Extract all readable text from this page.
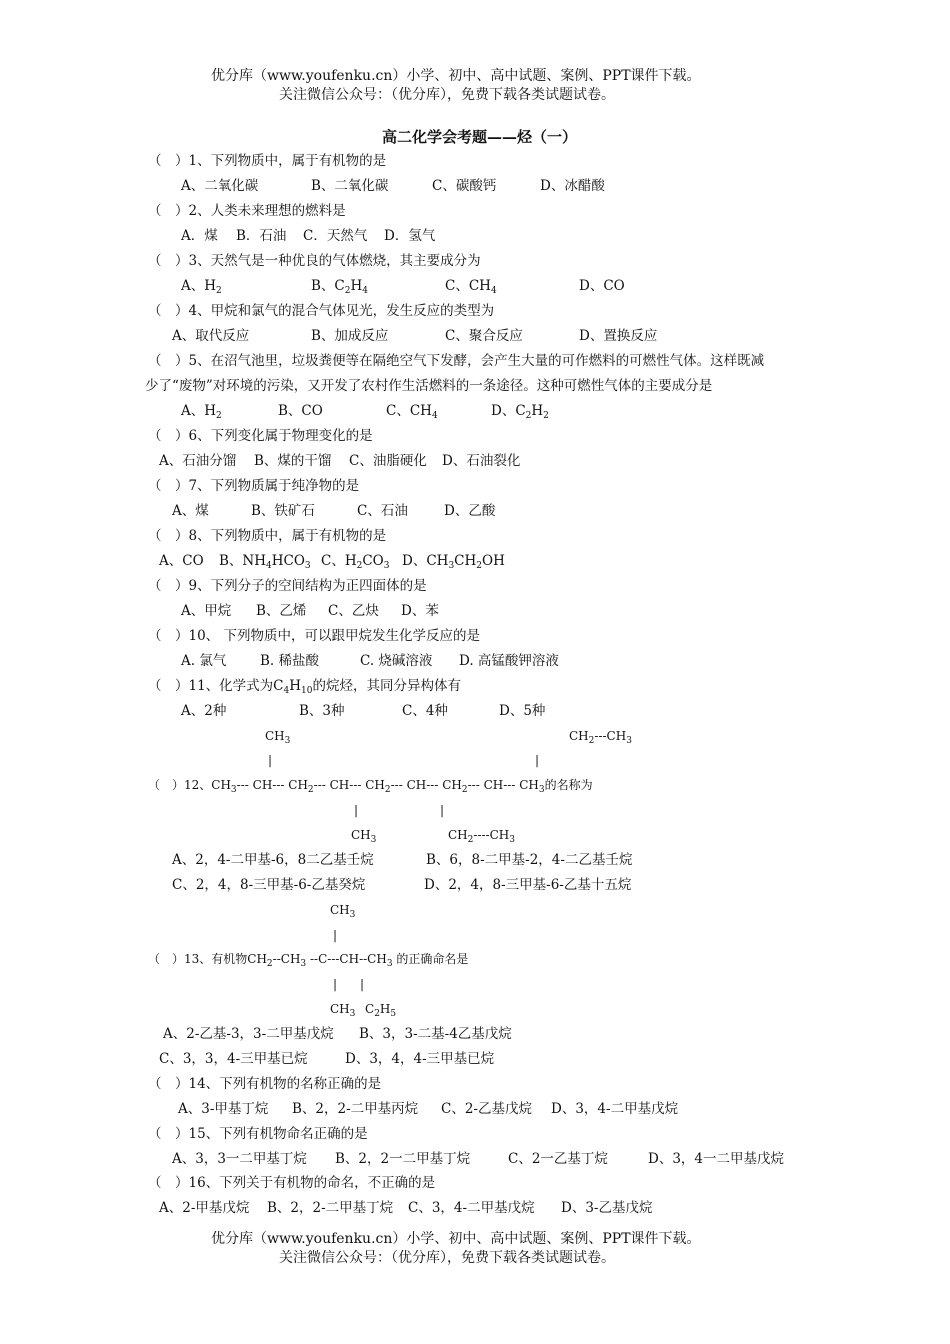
优分库（www.youfenku.cn）小学、初中、高中试题、案例、PPT课件下载。
关注微信公众号：（优分库），免费下载各类试题试卷。
高二化学会考题——烃（一）
（　）1、下列物质中，属于有机物的是
A、二氧化碳	B、二氧化碳	C、碳酸钙	D、冰醋酸
（　）2、人类未来理想的燃料是
A．煤 B．石油 C．天然气 D．氢气
（　）3、天然气是一种优良的气体燃烧，其主要成分为
A、$H_2$	B、$C_2H_4$	C、$CH_4$	D、CO
（　）4、甲烷和氯气的混合气体见光，发生反应的类型为
A、取代反应	B、加成反应	C、聚合反应	D、置换反应
（　）5、在沼气池里，垃圾粪便等在隔绝空气下发酵，会产生大量的可作燃料的可燃性气体。这样既减
少了“废物”对环境的污染，又开发了农村作生活燃料的一条途径。这种可燃性气体的主要成分是
A、$H_2$	B、CO	C、$CH_4$	D、$C_2H_2$
（　）6、下列变化属于物理变化的是
A、石油分馏 B、煤的干馏 C、油脂硬化 D、石油裂化
（　）7、下列物质属于纯净物的是
A、煤	B、铁矿石	C、石油	D、乙酸
（　）8、下列物质中，属于有机物的是
A、CO B、$NH_4HCO_3$ C、$H_2CO_3$ D、$CH_3CH_2OH$
（　）9、下列分子的空间结构为正四面体的是
A、甲烷 B、乙烯 C、乙炔 D、苯
（　）10、 下列物质中，可以跟甲烷发生化学反应的是
A. 氯气 B. 稀盐酸	C. 烧碱溶液 D. 高锰酸钾溶液
（　）11、化学式为$C_4H_{10}$的烷烃，其同分异构体有
A、2种	B、3种	C、4种	D、5种
$CH_3$	$CH_2---CH_3$
|	|
（　）12、$CH_3---$ CH--- $CH_2---$ CH--- $CH_2---$ CH--- $CH_2---$ CH--- $CH_3$的名称为
|	|
$CH_3$	$CH_2----CH_3$
A、2，4-二甲基-6，8二乙基壬烷	B、6，8-二甲基-2，4-二乙基壬烷
C、2，4，8-三甲基-6-乙基癸烷	D、2，4，8-三甲基-6-乙基十五烷
$CH_3$
|
（　）13、有机物$CH_2--CH_3$ $--C---CH--CH_3$ 的正确命名是
| |
$CH_3$ $C_2H_5$
A、2-乙基-3，3-二甲基戊烷 B、3，3-二基-4乙基戊烷
C、3，3，4-三甲基已烷	D、3，4，4-三甲基已烷
（　）14、下列有机物的名称正确的是
A、3-甲基丁烷 B、2，2-二甲基丙烷 C、2-乙基戊烷 D、3，4-二甲基戊烷
（　）15、下列有机物命名正确的是
A、3，3一二甲基丁烷 B、2，2一二甲基丁烷	C、2一乙基丁烷	D、3，4一二甲基戊烷
（　）16、下列关于有机物的命名，不正确的是
A、2-甲基戊烷 B、2，2-二甲基丁烷 C、3，4-二甲基戊烷 D、3-乙基戊烷
优分库（www.youfenku.cn）小学、初中、高中试题、案例、PPT课件下载。
关注微信公众号：（优分库），免费下载各类试题试卷。
